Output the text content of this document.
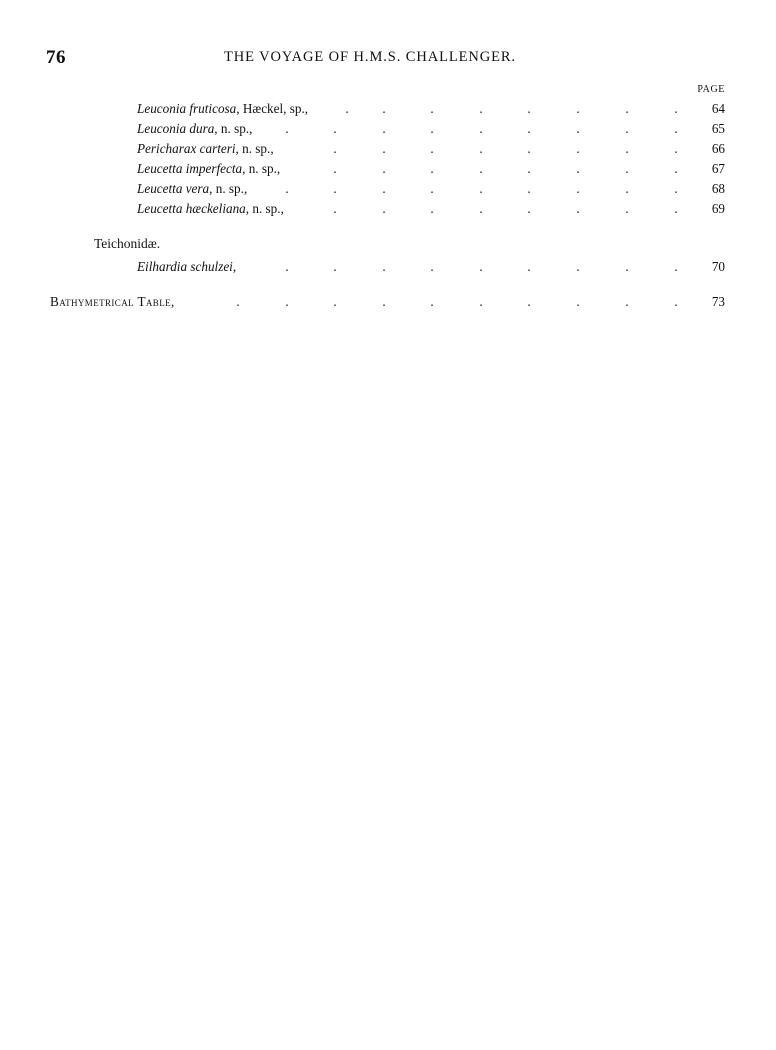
76	THE VOYAGE OF H.M.S. CHALLENGER.
PAGE
Leuconia fruticosa, Hæckel, sp.,	.	.	.	.	.	.	.	.	64
Leuconia dura, n. sp., .	.	.	.	.	.	.	.	.	65
Pericharax carteri, n. sp.,	.	.	.	.	.	.	.	.	66
Leucetta imperfecta, n. sp.,	.	.	.	.	.	.	.	.	67
Leucetta vera, n. sp.,	.	.	.	.	.	.	.	.	.	68
Leucetta hæckeliana, n. sp.,	.	.	.	.	.	.	.	.	69
Teichonidæ.
Eilhardia schulzei,	.	.	.	.	.	.	.	.	.	70
Bathymetrical Table,	.	.	.	.	.	.	.	.	.	.	73
